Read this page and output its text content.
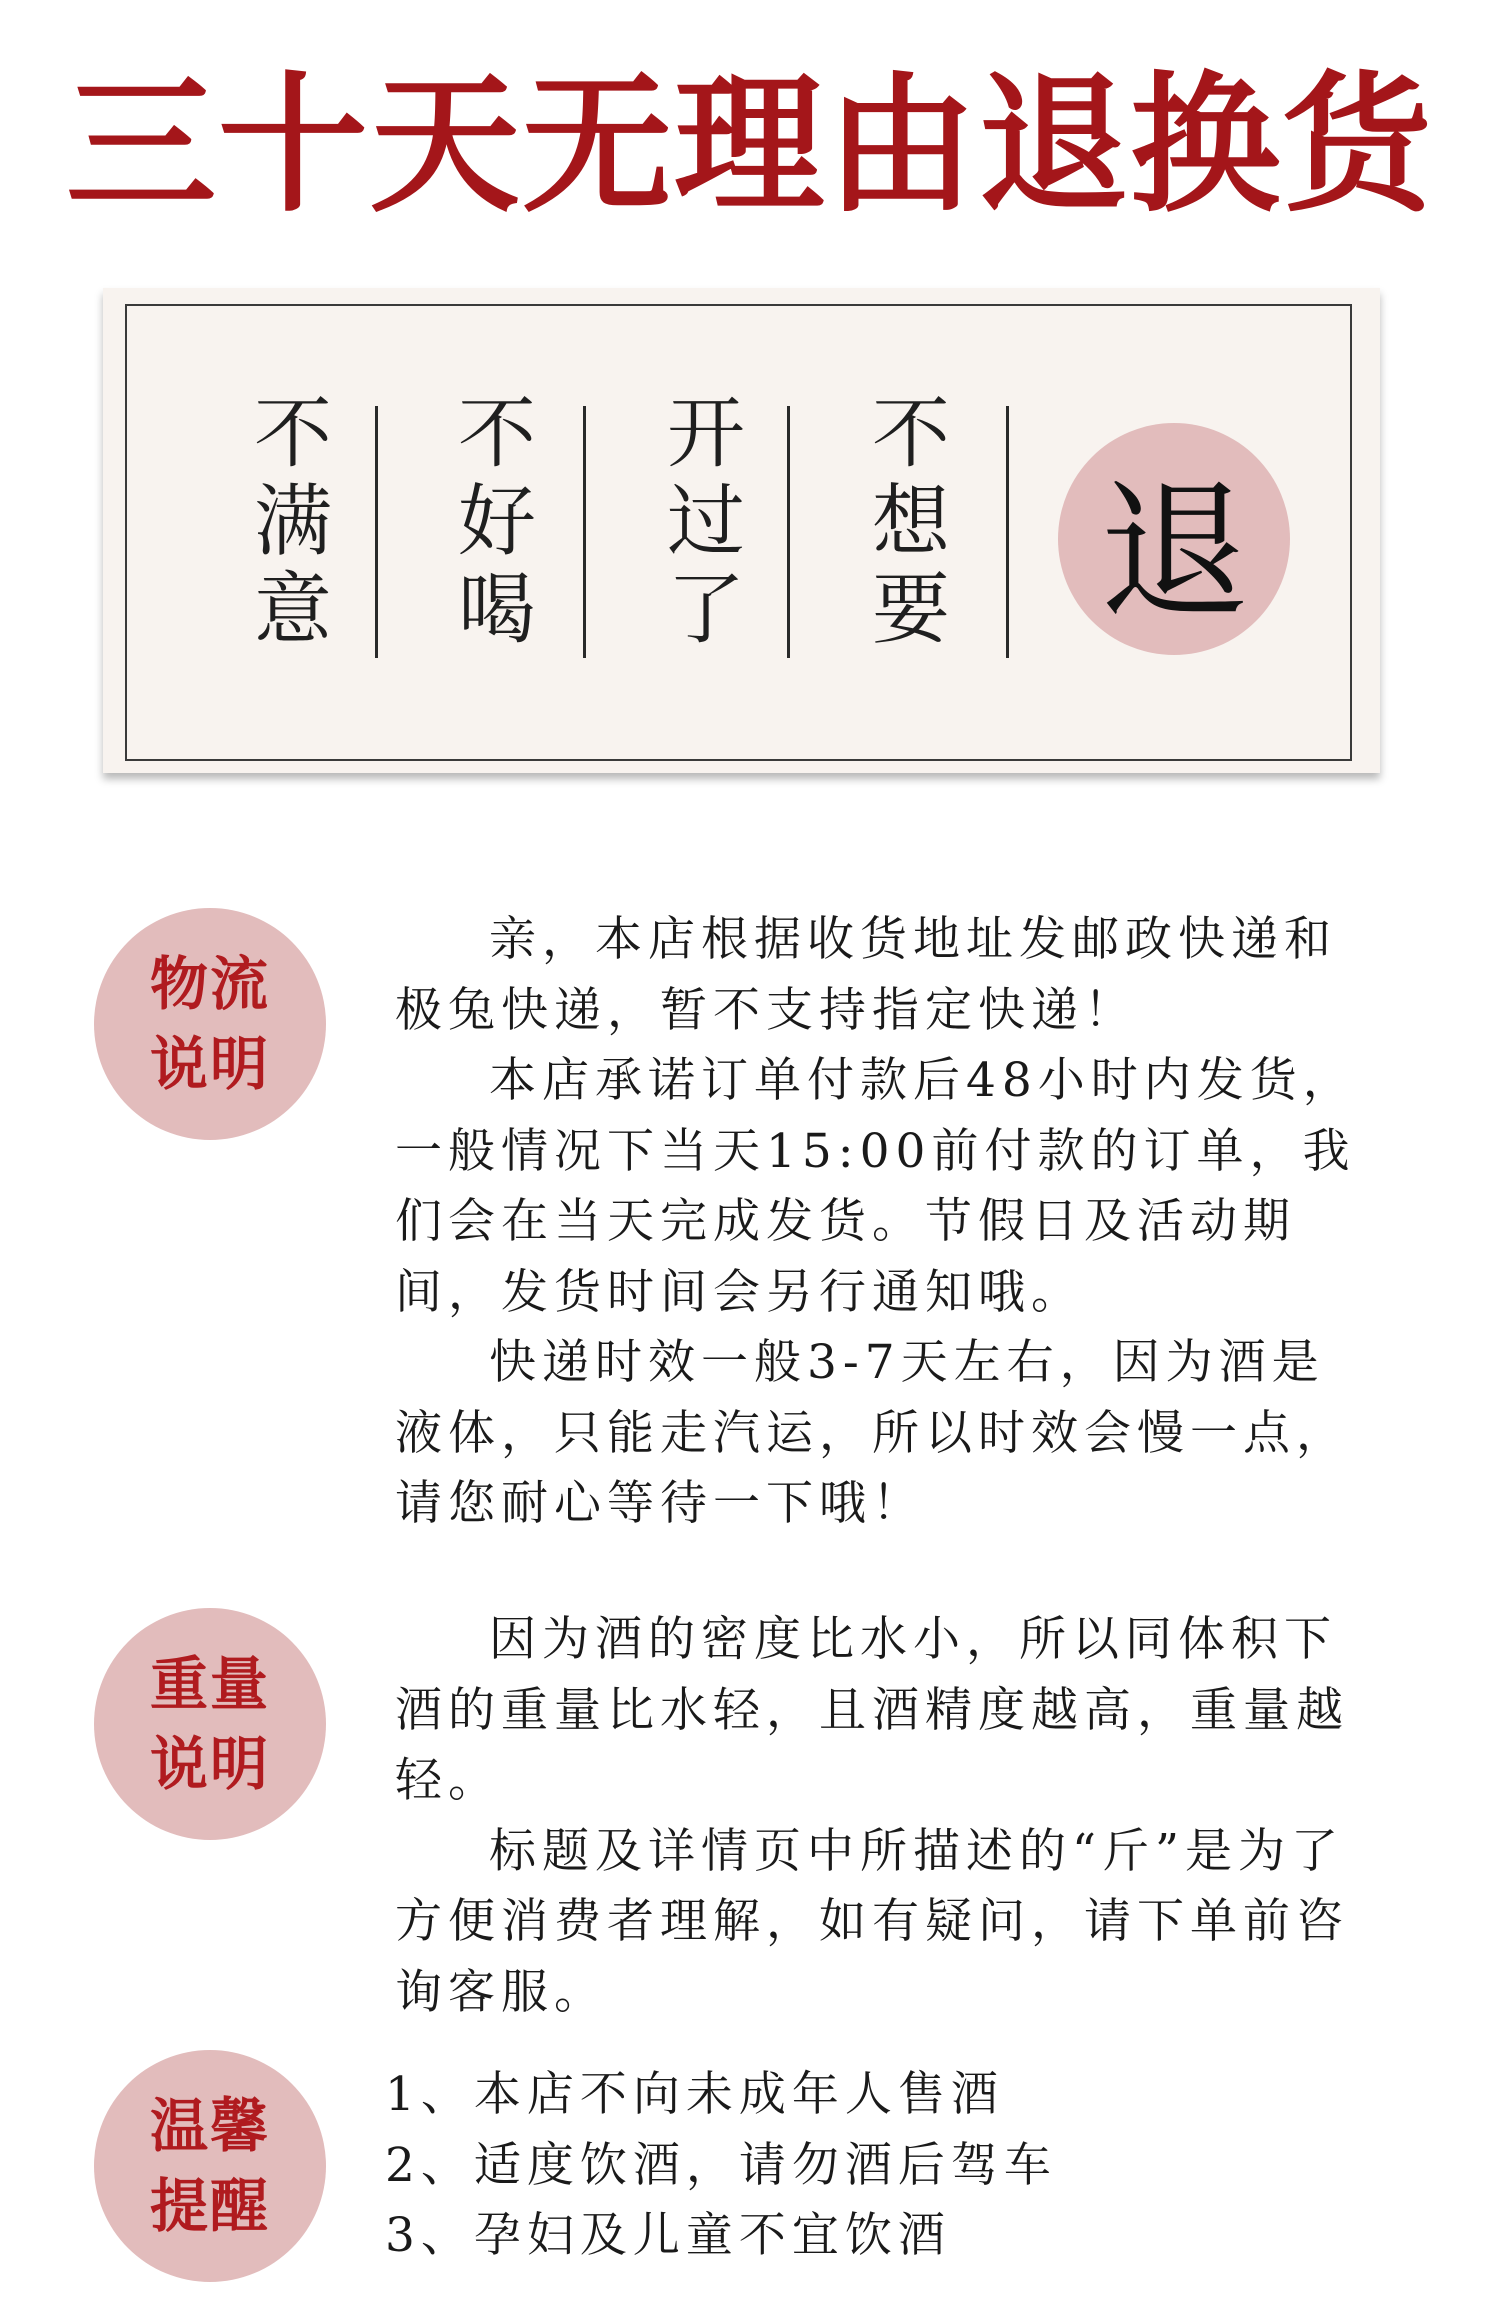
三十天无理由退换货
不
满
意
不
好
喝
开
过
了
不
想
要 退
物流
说明

亲，本店根据收货地址发邮政快递和极兔快递，暂不支持指定快递！

本店承诺订单付款后48小时内发货，一般情况下当天15:00前付款的订单，我们会在当天完成发货。节假日及活动期间，发货时间会另行通知哦。

快递时效一般3-7天左右，因为酒是液体，只能走汽运，所以时效会慢一点，请您耐心等待一下哦！

重量
说明

因为酒的密度比水小，所以同体积下酒的重量比水轻，且酒精度越高，重量越轻。

标题及详情页中所描述的“斤”是为了方便消费者理解，如有疑问，请下单前咨询客服。

温馨
提醒

1、本店不向未成年人售酒

2、适度饮酒，请勿酒后驾车

3、孕妇及儿童不宜饮酒
